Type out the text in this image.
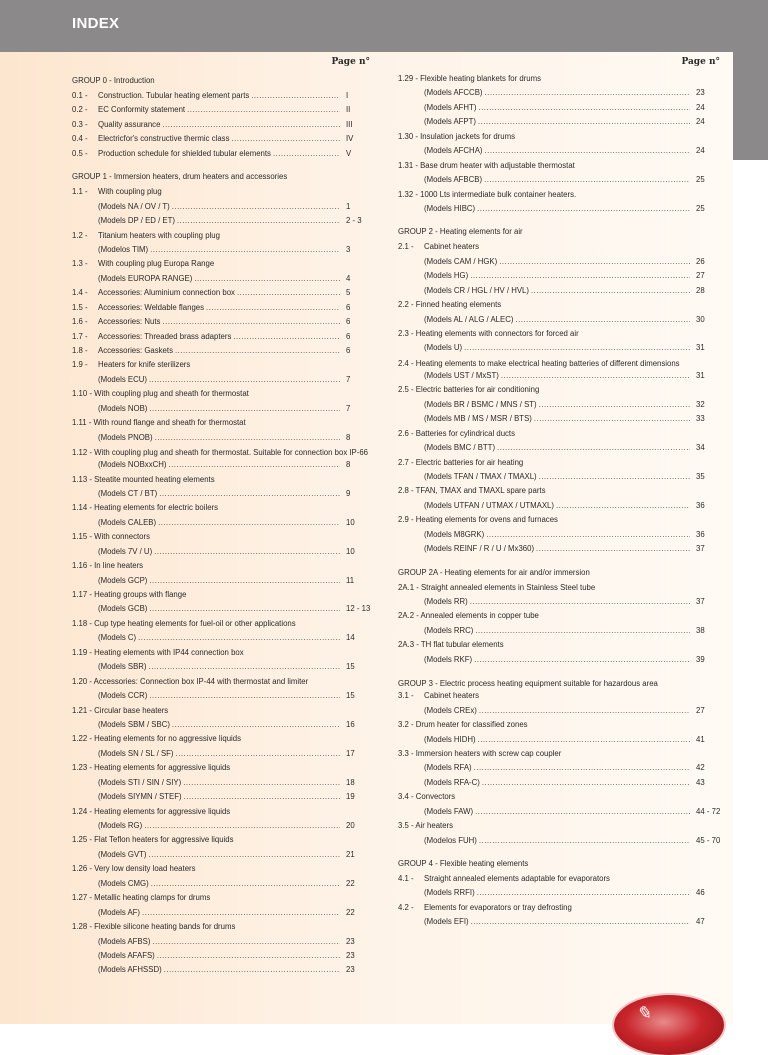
INDEX
Page n°
GROUP 0 - Introduction
0.1 -	Construction. Tubular heating element parts .....	I
0.2 -	EC Conformity statement .....	II
0.3 -	Quality assurance .....	III
0.4 -	Electricfor's constructive thermic class .....	IV
0.5 -	Production schedule for shielded tubular elements .....	V
GROUP 1 - Immersion heaters, drum heaters and accessories
1.1 -	With coupling plug
(Models NA / OV / T) .....	1
(Models DP / ED / ET) .....	2 - 3
1.2 -	Titanium heaters with coupling plug
(Modelos TIM) .....	3
1.3 -	With coupling plug Europa Range
(Models EUROPA RANGE) .....	4
1.4 -	Accessories: Aluminium connection box .....	5
1.5 -	Accessories: Weldable flanges .....	6
1.6 -	Accessories: Nuts .....	6
1.7 -	Accessories: Threaded brass adapters .....	6
1.8 -	Accessories: Gaskets .....	6
1.9 -	Heaters for knife sterilizers
(Models ECU) .....	7
1.10 - With coupling plug and sheath for thermostat
(Models NOB) .....	7
1.11 - With round flange and sheath for thermostat
(Models PNOB) .....	8
1.12 - With coupling plug and sheath for thermostat. Suitable for connection box IP-66
(Models NOBxxCH) .....	8
1.13 - Steatite mounted heating elements
(Models CT / BT) .....	9
1.14 - Heating elements for electric boilers
(Models CALEB) .....	10
1.15 - With connectors
(Models 7V / U) .....	10
1.16 - In line heaters
(Models GCP) .....	11
1.17 - Heating groups with flange
(Models GCB) .....	12 - 13
1.18 - Cup type heating elements for fuel-oil or other applications
(Models C) .....	14
1.19 - Heating elements with IP44 connection box
(Models SBR) .....	15
1.20 - Accessories: Connection box IP-44 with thermostat and limiter
(Models CCR) .....	15
1.21 - Circular base heaters
(Models SBM / SBC) .....	16
1.22 - Heating elements for no aggressive liquids
(Models SN / SL / SF) .....	17
1.23 - Heating elements for aggressive liquids
(Models STI / SIN / SIY) .....	18
(Models SIYMN / STEF) .....	19
1.24 - Heating elements for aggressive liquids
(Models RG) .....	20
1.25 - Flat Teflon heaters for aggressive liquids
(Models GVT) .....	21
1.26 - Very low density load heaters
(Models CMG) .....	22
1.27 - Metallic heating clamps for drums
(Models AF) .....	22
1.28 - Flexible silicone heating bands for drums
(Models AFBS) .....	23
(Models AFAFS) .....	23
(Models AFHSSD) .....	23
Page n°
1.29 - Flexible heating blankets for drums
(Models AFCCB) .....	23
(Models AFHT) .....	24
(Models AFPT) .....	24
1.30 - Insulation jackets for drums
(Models AFCHA) .....	24
1.31 - Base drum heater with adjustable thermostat
(Models AFBCB) .....	25
1.32 - 1000 Lts intermediate bulk container heaters.
(Models HIBC) .....	25
GROUP 2 - Heating elements for air
2.1 -	Cabinet heaters
(Models CAM / HGK) .....	26
(Models HG) .....	27
(Models CR / HGL / HV / HVL) .....	28
2.2 - Finned heating elements
(Models AL / ALG / ALEC) .....	30
2.3 - Heating elements with connectors for forced air
(Models U) .....	31
2.4 - Heating elements to make electrical heating batteries of different dimensions
(Models UST / MxST) .....	31
2.5 - Electric batteries for air conditioning
(Models BR / BSMC / MNS / ST) .....	32
(Models MB / MS / MSR / BTS) .....	33
2.6 - Batteries for cylindrical ducts
(Models BMC / BTT) .....	34
2.7 - Electric batteries for air heating
(Models TFAN / TMAX / TMAXL) .....	35
2.8 - TFAN, TMAX and TMAXL spare parts
(Models UTFAN / UTMAX / UTMAXL) .....	36
2.9 - Heating elements for ovens and furnaces
(Models M8GRK) .....	36
(Models REINF / R / U / Mx360) .....	37
GROUP 2A - Heating elements for air and/or immersion
2A.1 - Straight annealed elements in Stainless Steel tube
(Models RR) .....	37
2A.2 - Annealed elements in copper tube
(Models RRC) .....	38
2A.3 - TH flat tubular elements
(Models RKF) .....	39
GROUP 3 - Electric process heating equipment suitable for hazardous area
3.1 -	Cabinet heaters
(Models CREx) .....	27
3.2 - Drum heater for classified zones
(Models HIDH) .....	41
3.3 - Immersion heaters with screw cap coupler
(Models RFA) .....	42
(Models RFA-C) .....	43
3.4 - Convectors
(Models FAW) .....	44 - 72
3.5 - Air heaters
(Modelos FUH) .....	45 - 70
GROUP 4 - Flexible heating elements
4.1 -	Straight annealed elements adaptable for evaporators
(Models RRFI) .....	46
4.2 -	Elements for evaporators or tray defrosting
(Models EFI) .....	47
✎
